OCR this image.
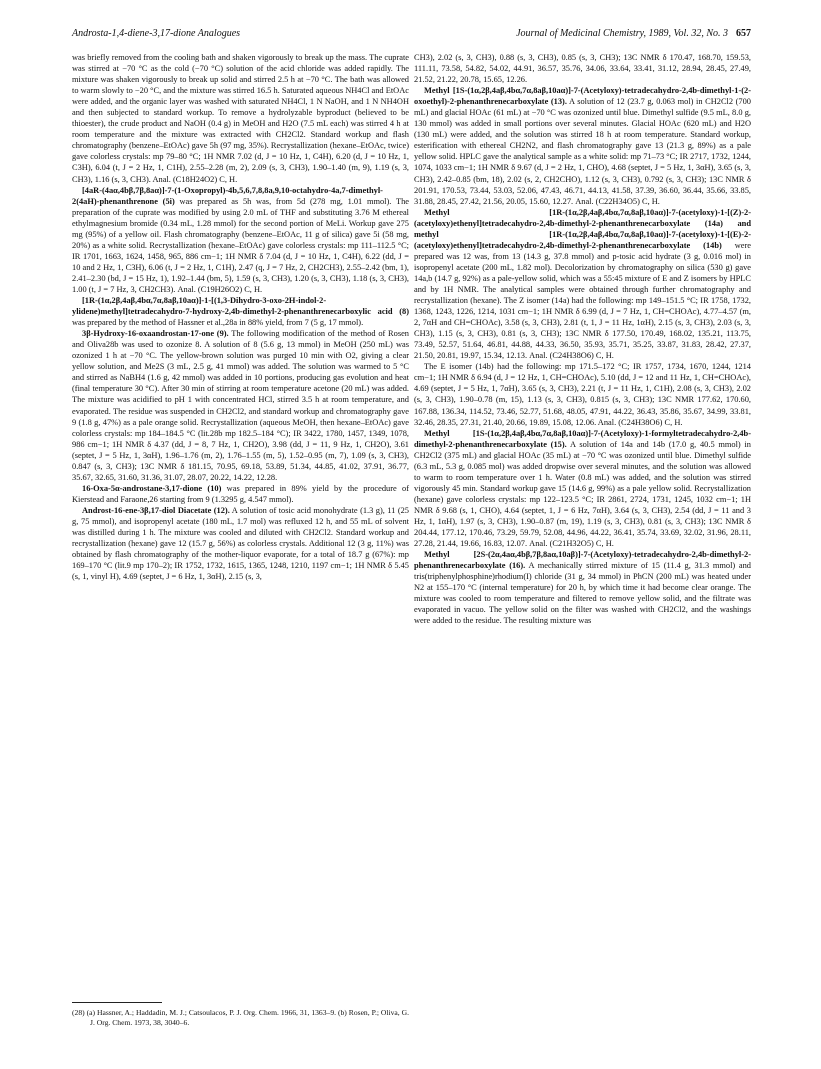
Androsta-1,4-diene-3,17-dione Analogues	Journal of Medicinal Chemistry, 1989, Vol. 32, No. 3 657

was briefly removed from the cooling bath and shaken vigorously to break up the mass. The cuprate was stirred at −70 °C as the cold (−70 °C) solution of the acid chloride was added rapidly. The mixture was shaken vigorously to break up solid and stirred 2.5 h at −70 °C. The bath was allowed to warm slowly to −20 °C, and the mixture was stirred 16.5 h. Saturated aqueous NH4Cl and EtOAc were added, and the organic layer was washed with saturated NH4Cl, 1 N NaOH, and 1 N NH4OH and then subjected to standard workup. To remove a hydrolyzable byproduct (believed to be thioester), the crude product and NaOH (0.4 g) in MeOH and H2O (7.5 mL each) was stirred 4 h at room temperature and the mixture was extracted with CH2Cl2. Standard workup and flash chromatography (benzene–EtOAc) gave 5h (97 mg, 35%). Recrystallization (hexane–EtOAc, twice) gave colorless crystals: mp 79–80 °C; 1H NMR 7.02 (d, J = 10 Hz, 1, C4H), 6.20 (d, J = 10 Hz, 1, C3H), 6.04 (t, J = 2 Hz, 1, C1H), 2.55–2.28 (m, 2), 2.09 (s, 3, CH3), 1.90–1.40 (m, 9), 1.19 (s, 3, CH3), 1.16 (s, 3, CH3). Anal. (C18H24O2) C, H.

[4aR-(4aα,4bβ,7β,8aα)]-7-(1-Oxopropyl)-4b,5,6,7,8,8a,9,10-octahydro-4a,7-dimethyl-2(4aH)-phenanthrenone (5i) was prepared as 5h was, from 5d (278 mg, 1.01 mmol). The preparation of the cuprate was modified by using 2.0 mL of THF and substituting 3.76 M ethereal ethylmagnesium bromide (0.34 mL, 1.28 mmol) for the second portion of MeLi. Workup gave 275 mg (95%) of a yellow oil. Flash chromatography (benzene–EtOAc, 11 g of silica) gave 5i (58 mg, 20%) as a white solid. Recrystallization (hexane–EtOAc) gave colorless crystals: mp 111–112.5 °C; IR 1701, 1663, 1624, 1458, 965, 886 cm−1; 1H NMR δ 7.04 (d, J = 10 Hz, 1, C4H), 6.22 (dd, J = 10 and 2 Hz, 1, C3H), 6.06 (t, J = 2 Hz, 1, C1H), 2.47 (q, J = 7 Hz, 2, CH2CH3), 2.55–2.42 (bm, 1), 2.41–2.30 (bd, J = 15 Hz, 1), 1.92–1.44 (bm, 5), 1.59 (s, 3, CH3), 1.20 (s, 3, CH3), 1.18 (s, 3, CH3), 1.00 (t, J = 7 Hz, 3, CH2CH3). Anal. (C19H26O2) C, H.

[1R-(1α,2β,4aβ,4bα,7α,8aβ,10aα)]-1-[(1,3-Dihydro-3-oxo-2H-indol-2-ylidene)methyl]tetradecahydro-7-hydroxy-2,4b-dimethyl-2-phenanthrenecarboxylic acid (8) was prepared by the method of Hassner et al.,28a in 88% yield, from 7 (5 g, 17 mmol).

3β-Hydroxy-16-oxaandrostan-17-one (9). The following modification of the method of Rosen and Oliva28b was used to ozonize 8. A solution of 8 (5.6 g, 13 mmol) in MeOH (250 mL) was ozonized 1 h at −70 °C. The yellow-brown solution was purged 10 min with O2, giving a clear yellow solution, and Me2S (3 mL, 2.5 g, 41 mmol) was added. The solution was warmed to 5 °C and stirred as NaBH4 (1.6 g, 42 mmol) was added in 10 portions, producing gas evolution and heat (final temperature 30 °C). After 30 min of stirring at room temperature acetone (20 mL) was added. The mixture was acidified to pH 1 with concentrated HCl, stirred 3.5 h at room temperature, and evaporated. The residue was suspended in CH2Cl2, and standard workup and chromatography gave 9 (1.8 g, 47%) as a pale orange solid. Recrystallization (aqueous MeOH, then hexane–EtOAc) gave colorless crystals: mp 184–184.5 °C (lit.28b mp 182.5–184 °C); IR 3422, 1780, 1457, 1349, 1078, 986 cm−1; 1H NMR δ 4.37 (dd, J = 8, 7 Hz, 1, CH2O), 3.98 (dd, J = 11, 9 Hz, 1, CH2O), 3.61 (septet, J = 5 Hz, 1, 3αH), 1.96–1.76 (m, 2), 1.76–1.55 (m, 5), 1.52–0.95 (m, 7), 1.09 (s, 3, CH3), 0.847 (s, 3, CH3); 13C NMR δ 181.15, 70.95, 69.18, 53.89, 51.34, 44.85, 41.02, 37.91, 36.77, 35.67, 32.65, 31.60, 31.36, 31.07, 28.07, 20.22, 14.22, 12.28.

16-Oxa-5α-androstane-3,17-dione (10) was prepared in 89% yield by the procedure of Kierstead and Faraone,26 starting from 9 (1.3295 g, 4.547 mmol).

Androst-16-ene-3β,17-diol Diacetate (12). A solution of tosic acid monohydrate (1.3 g), 11 (25 g, 75 mmol), and isopropenyl acetate (180 mL, 1.7 mol) was refluxed 12 h, and 55 mL of solvent was distilled during 1 h. The mixture was cooled and diluted with CH2Cl2. Standard workup and recrystallization (hexane) gave 12 (15.7 g, 56%) as colorless crystals. Additional 12 (3 g, 11%) was obtained by flash chromatography of the mother-liquor evaporate, for a total of 18.7 g (67%): mp 169–170 °C (lit.9 mp 170–2); IR 1752, 1732, 1615, 1365, 1248, 1210, 1197 cm−1; 1H NMR δ 5.45 (s, 1, vinyl H), 4.69 (septet, J = 6 Hz, 1, 3αH), 2.15 (s, 3,

CH3), 2.02 (s, 3, CH3), 0.88 (s, 3, CH3), 0.85 (s, 3, CH3); 13C NMR δ 170.47, 168.70, 159.53, 111.11, 73.58, 54.82, 54.02, 44.91, 36.57, 35.76, 34.06, 33.64, 33.41, 31.12, 28.94, 28.45, 27.49, 21.52, 21.22, 20.78, 15.65, 12.26.

Methyl [1S-(1α,2β,4aβ,4bα,7α,8aβ,10aα)]-7-(Acetyloxy)-tetradecahydro-2,4b-dimethyl-1-(2-oxoethyl)-2-phenanthrenecarboxylate (13). A solution of 12 (23.7 g, 0.063 mol) in CH2Cl2 (700 mL) and glacial HOAc (61 mL) at −70 °C was ozonized until blue. Dimethyl sulfide (9.5 mL, 8.0 g, 130 mmol) was added in small portions over several minutes. Glacial HOAc (620 mL) and H2O (130 mL) were added, and the solution was stirred 18 h at room temperature. Standard workup, esterification with ethereal CH2N2, and flash chromatography gave 13 (21.3 g, 89%) as a pale yellow solid. HPLC gave the analytical sample as a white solid: mp 71–73 °C; IR 2717, 1732, 1244, 1074, 1033 cm−1; 1H NMR δ 9.67 (d, J = 2 Hz, 1, CHO), 4.68 (septet, J = 5 Hz, 1, 3αH), 3.65 (s, 3, CH3), 2.42–0.85 (bm, 18), 2.02 (s, 2, CH2CHO), 1.12 (s, 3, CH3), 0.792 (s, 3, CH3); 13C NMR δ 201.91, 170.53, 73.44, 53.03, 52.06, 47.43, 46.71, 44.13, 41.58, 37.39, 36.60, 36.44, 35.66, 33.85, 31.88, 28.45, 27.42, 21.56, 20.05, 15.60, 12.27. Anal. (C22H34O5) C, H.

Methyl [1R-(1α,2β,4aβ,4bα,7α,8aβ,10aα)]-7-(acetyloxy)-1-[(Z)-2-(acetyloxy)ethenyl]tetradecahydro-2,4b-dimethyl-2-phenanthrenecarboxylate (14a) and methyl [1R-(1α,2β,4aβ,4bα,7α,8aβ,10aα)]-7-(acetyloxy)-1-[(E)-2-(acetyloxy)ethenyl]tetradecahydro-2,4b-dimethyl-2-phenanthrenecarboxylate (14b) were prepared was 12 was, from 13 (14.3 g, 37.8 mmol) and p-tosic acid hydrate (3 g, 0.016 mol) in isopropenyl acetate (200 mL, 1.82 mol). Decolorization by chromatography on silica (530 g) gave 14a,b (14.7 g, 92%) as a pale-yellow solid, which was a 55:45 mixture of E and Z isomers by HPLC and by 1H NMR. The analytical samples were obtained through further chromatography and recrystallization (hexane). The Z isomer (14a) had the following: mp 149–151.5 °C; IR 1758, 1732, 1368, 1243, 1226, 1214, 1031 cm−1; 1H NMR δ 6.99 (d, J = 7 Hz, 1, CH=CHOAc), 4.77–4.57 (m, 2, 7αH and CH=CHOAc), 3.58 (s, 3, CH3), 2.81 (t, 1, J = 11 Hz, 1αH), 2.15 (s, 3, CH3), 2.03 (s, 3, CH3), 1.15 (s, 3, CH3), 0.81 (s, 3, CH3); 13C NMR δ 177.50, 170.49, 168.02, 135.21, 113.75, 73.49, 52.57, 51.64, 46.81, 44.88, 44.33, 36.50, 35.93, 35.71, 35.25, 33.87, 31.83, 28.42, 27.37, 21.50, 20.81, 19.97, 15.34, 12.13. Anal. (C24H38O6) C, H.

The E isomer (14b) had the following: mp 171.5–172 °C; IR 1757, 1734, 1670, 1244, 1214 cm−1; 1H NMR δ 6.94 (d, J = 12 Hz, 1, CH=CHOAc), 5.10 (dd, J = 12 and 11 Hz, 1, CH=CHOAc), 4.69 (septet, J = 5 Hz, 1, 7αH), 3.65 (s, 3, CH3), 2.21 (t, J = 11 Hz, 1, C1H), 2.08 (s, 3, CH3), 2.02 (s, 3, CH3), 1.90–0.78 (m, 15), 1.13 (s, 3, CH3), 0.815 (s, 3, CH3); 13C NMR 177.62, 170.60, 167.88, 136.34, 114.52, 73.46, 52.77, 51.68, 48.05, 47.91, 44.22, 36.43, 35.86, 35.67, 34.99, 33.81, 32.46, 28.35, 27.31, 21.40, 20.66, 19.89, 15.08, 12.06. Anal. (C24H38O6) C, H.

Methyl [1S-(1α,2β,4aβ,4bα,7α,8aβ,10aα)]-7-(Acetyloxy)-1-formyltetradecahydro-2,4b-dimethyl-2-phenanthrenecarboxylate (15). A solution of 14a and 14b (17.0 g, 40.5 mmol) in CH2Cl2 (375 mL) and glacial HOAc (35 mL) at −70 °C was ozonized until blue. Dimethyl sulfide (6.3 mL, 5.3 g, 0.085 mol) was added dropwise over several minutes, and the solution was allowed to warm to room temperature over 1 h. Water (0.8 mL) was added, and the solution was stirred vigorously 45 min. Standard workup gave 15 (14.6 g, 99%) as a pale yellow solid. Recrystallization (hexane) gave colorless crystals: mp 122–123.5 °C; IR 2861, 2724, 1731, 1245, 1032 cm−1; 1H NMR δ 9.68 (s, 1, CHO), 4.64 (septet, 1, J = 6 Hz, 7αH), 3.64 (s, 3, CH3), 2.54 (dd, J = 11 and 3 Hz, 1, 1αH), 1.97 (s, 3, CH3), 1.90–0.87 (m, 19), 1.19 (s, 3, CH3), 0.81 (s, 3, CH3); 13C NMR δ 204.44, 177.12, 170.46, 73.29, 59.79, 52.08, 44.96, 44.22, 36.41, 35.74, 33.69, 32.02, 31.96, 28.11, 27.28, 21.44, 19.66, 16.83, 12.07. Anal. (C21H32O5) C, H.

Methyl [2S-(2α,4aα,4bβ,7β,8aα,10aβ)]-7-(Acetyloxy)-tetradecahydro-2,4b-dimethyl-2-phenanthrenecarboxylate (16). A mechanically stirred mixture of 15 (11.4 g, 31.3 mmol) and tris(triphenylphosphine)rhodium(I) chloride (31 g, 34 mmol) in PhCN (200 mL) was heated under N2 at 155–170 °C (internal temperature) for 20 h, by which time it had become clear orange. The mixture was cooled to room temperature and filtered to remove yellow solid, and the filtrate was evaporated in vacuo. The yellow solid on the filter was washed with CH2Cl2, and the washings were added to the residue. The resulting mixture was

(28) (a) Hassner, A.; Haddadin, M. J.; Catsoulacos, P. J. Org. Chem. 1966, 31, 1363–9. (b) Rosen, P.; Oliva, G. J. Org. Chem. 1973, 38, 3040–6.
